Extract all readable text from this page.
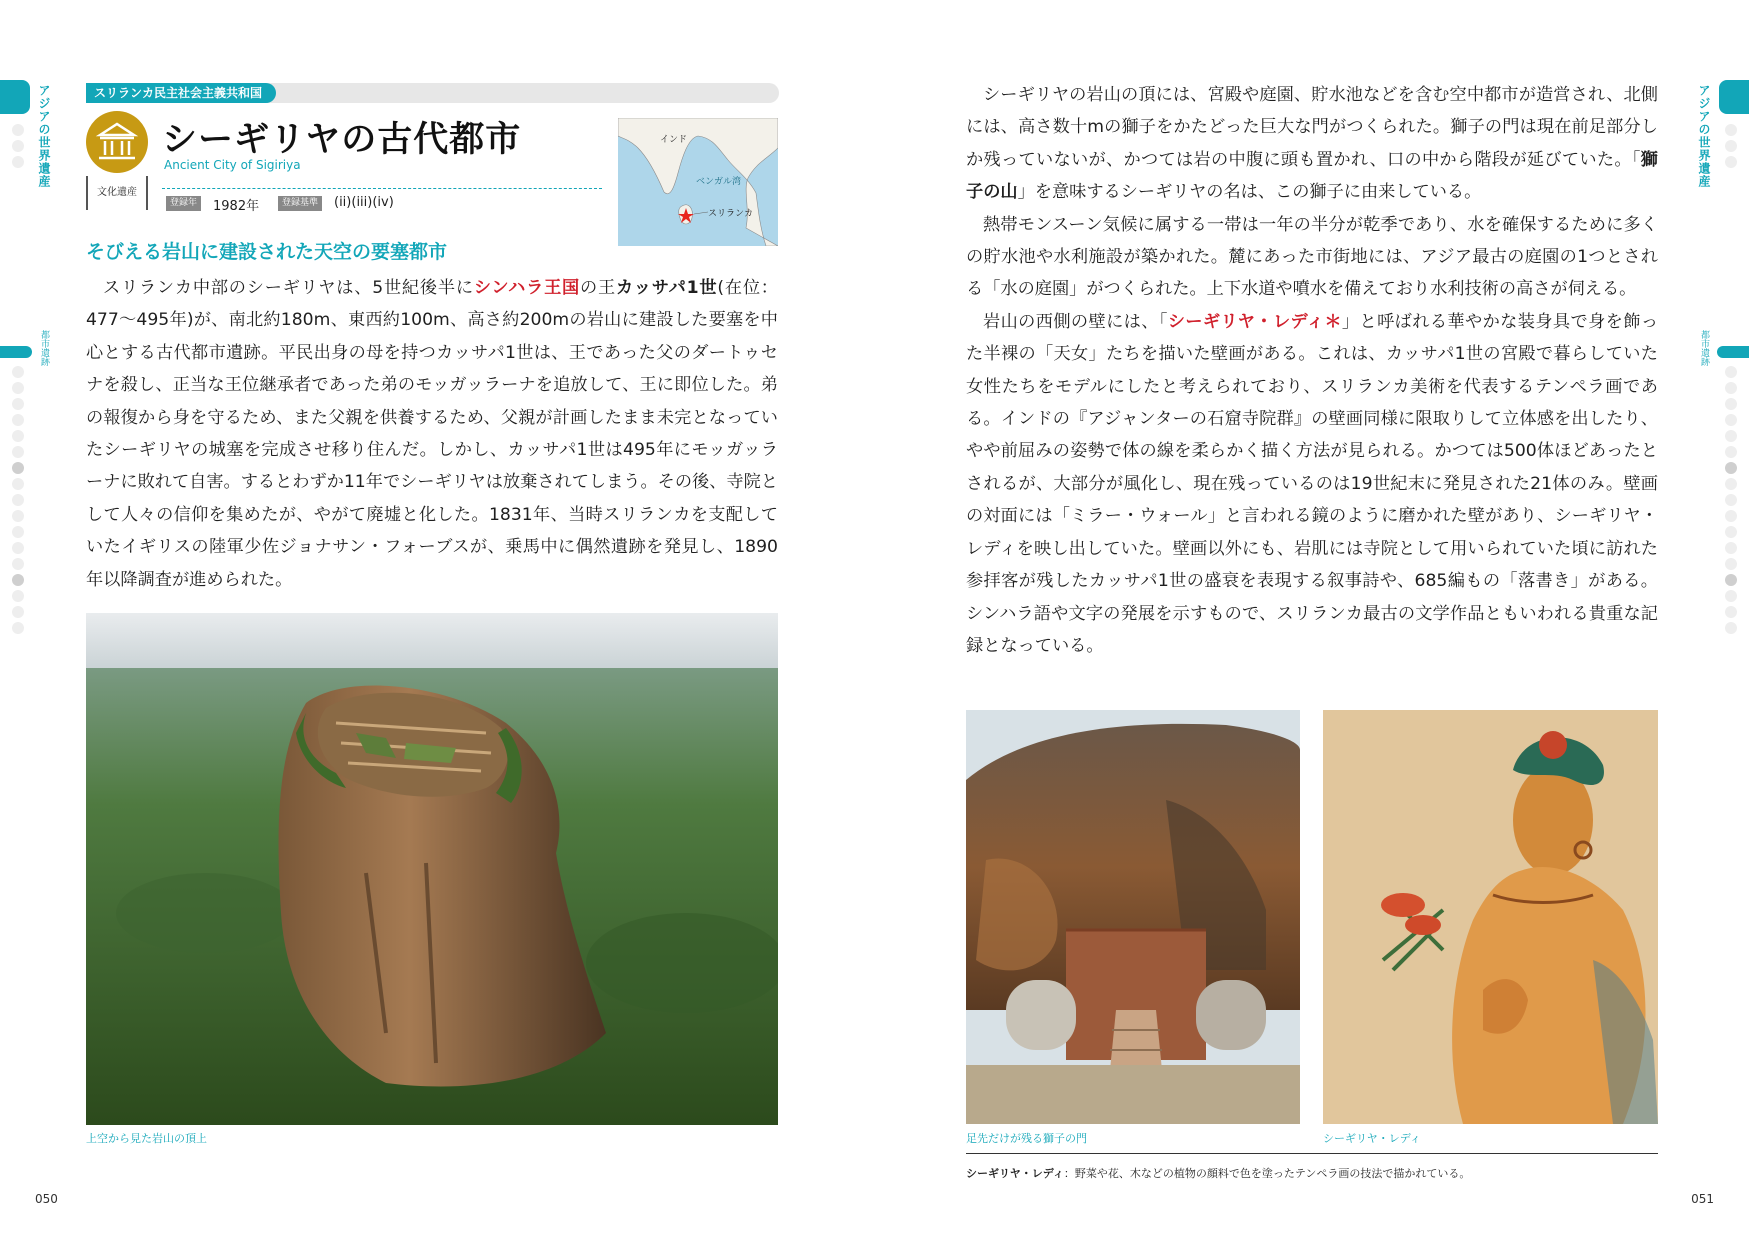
アジアの世界遺産
都市遺跡
アジアの世界遺産
都市遺跡
スリランカ民主社会主義共和国
文化遺産
シーギリヤの古代都市
Ancient City of Sigiriya
登録年	1982年	登録基準	(ii)(iii)(iv)
インド
ベンガル湾
スリランカ
そびえる岩山に建設された天空の要塞都市
スリランカ中部のシーギリヤは、5世紀後半にシンハラ王国の王カッサパ1世(在位：477〜495年)が、南北約180m、東西約100m、高さ約200mの岩山に建設した要塞を中心とする古代都市遺跡。平民出身の母を持つカッサパ1世は、王であった父のダートゥセナを殺し、正当な王位継承者であった弟のモッガッラーナを追放して、王に即位した。弟の報復から身を守るため、また父親を供養するため、父親が計画したまま未完となっていたシーギリヤの城塞を完成させ移り住んだ。しかし、カッサパ1世は495年にモッガッラーナに敗れて自害。するとわずか11年でシーギリヤは放棄されてしまう。その後、寺院として人々の信仰を集めたが、やがて廃墟と化した。1831年、当時スリランカを支配していたイギリスの陸軍少佐ジョナサン・フォーブスが、乗馬中に偶然遺跡を発見し、1890年以降調査が進められた。
上空から見た岩山の頂上
シーギリヤの岩山の頂には、宮殿や庭園、貯水池などを含む空中都市が造営され、北側には、高さ数十mの獅子をかたどった巨大な門がつくられた。獅子の門は現在前足部分しか残っていないが、かつては岩の中腹に頭も置かれ、口の中から階段が延びていた。「獅子の山」を意味するシーギリヤの名は、この獅子に由来している。
熱帯モンスーン気候に属する一帯は一年の半分が乾季であり、水を確保するために多くの貯水池や水利施設が築かれた。麓にあった市街地には、アジア最古の庭園の1つとされる「水の庭園」がつくられた。上下水道や噴水を備えており水利技術の高さが伺える。
岩山の西側の壁には、「シーギリヤ・レディ＊」と呼ばれる華やかな装身具で身を飾った半裸の「天女」たちを描いた壁画がある。これは、カッサパ1世の宮殿で暮らしていた女性たちをモデルにしたと考えられており、スリランカ美術を代表するテンペラ画である。インドの『アジャンターの石窟寺院群』の壁画同様に限取りして立体感を出したり、やや前屈みの姿勢で体の線を柔らかく描く方法が見られる。かつては500体ほどあったとされるが、大部分が風化し、現在残っているのは19世紀末に発見された21体のみ。壁画の対面には「ミラー・ウォール」と言われる鏡のように磨かれた壁があり、シーギリヤ・レディを映し出していた。壁画以外にも、岩肌には寺院として用いられていた頃に訪れた参拝客が残したカッサパ1世の盛衰を表現する叙事詩や、685編もの「落書き」がある。シンハラ語や文字の発展を示すもので、スリランカ最古の文学作品ともいわれる貴重な記録となっている。
足先だけが残る獅子の門	シーギリヤ・レディ
シーギリヤ・レディ：野菜や花、木などの植物の顔料で色を塗ったテンペラ画の技法で描かれている。
050	051
